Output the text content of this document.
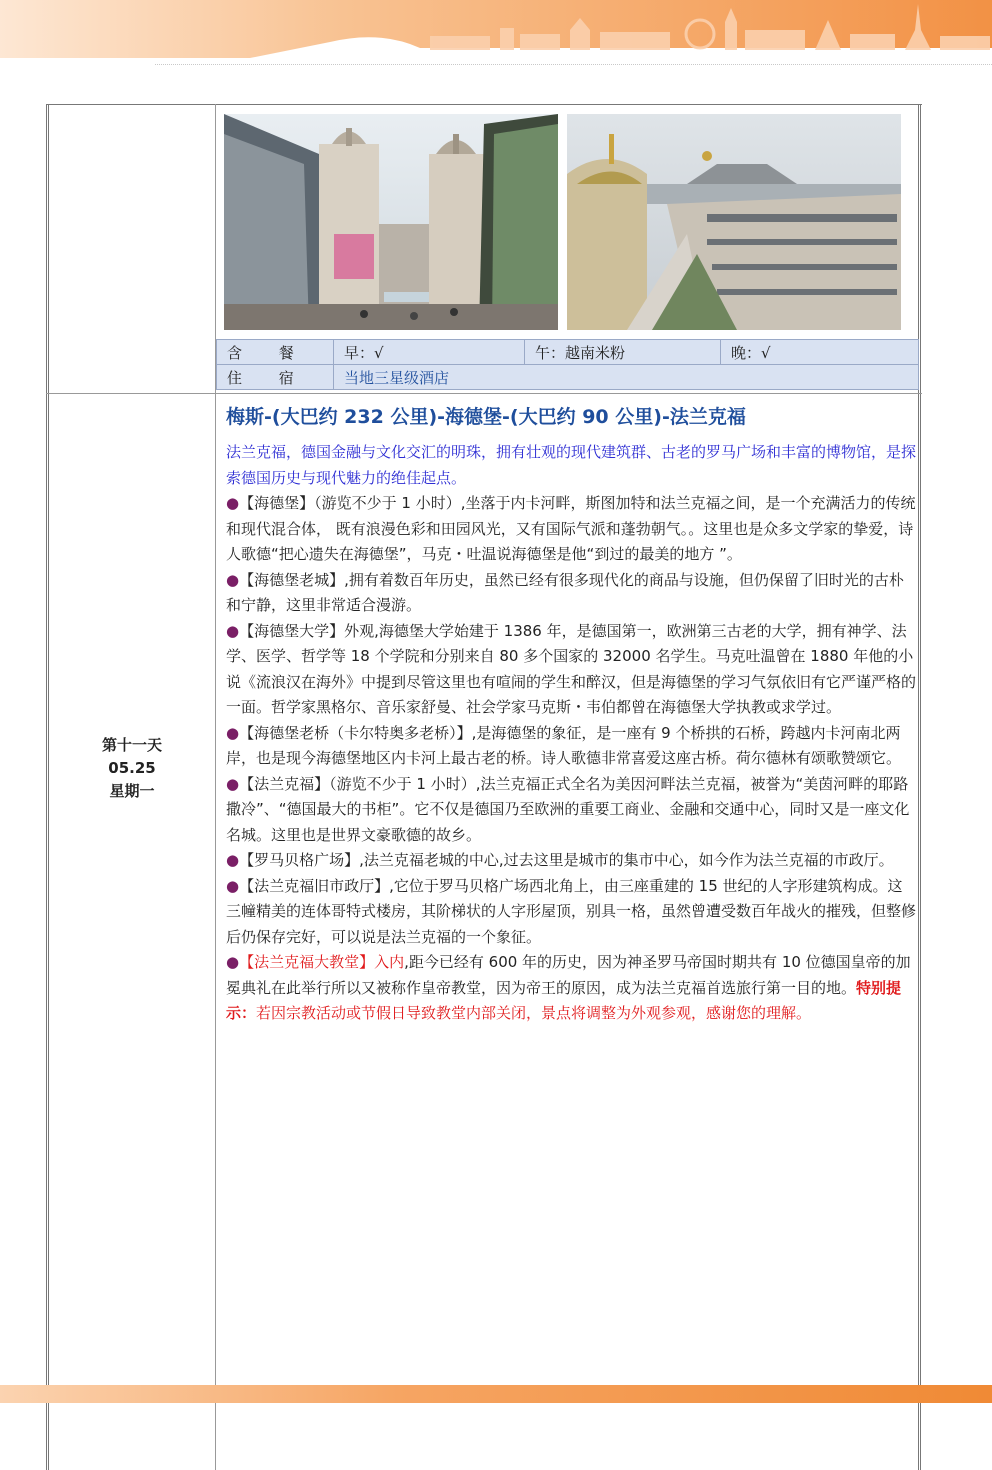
含 餐	早：√	午：越南米粉	晚：√
住 宿	当地三星级酒店		
第十一天
05.25
星期一
梅斯-(大巴约 232 公里)-海德堡-(大巴约 90 公里)-法兰克福

法兰克福，德国金融与文化交汇的明珠，拥有壮观的现代建筑群、古老的罗马广场和丰富的博物馆，是探索德国历史与现代魅力的绝佳起点。

●【海德堡】（游览不少于 1 小时）,坐落于内卡河畔，斯图加特和法兰克福之间，是一个充满活力的传统和现代混合体， 既有浪漫色彩和田园风光，又有国际气派和蓬勃朝气。。这里也是众多文学家的挚爱，诗人歌德“把心遗失在海德堡”，马克・吐温说海德堡是他“到过的最美的地方 ”。

●【海德堡老城】,拥有着数百年历史，虽然已经有很多现代化的商品与设施，但仍保留了旧时光的古朴和宁静，这里非常适合漫游。

●【海德堡大学】外观,海德堡大学始建于 1386 年，是德国第一，欧洲第三古老的大学，拥有神学、法学、医学、哲学等 18 个学院和分别来自 80 多个国家的 32000 名学生。马克吐温曾在 1880 年他的小说《流浪汉在海外》中提到尽管这里也有喧闹的学生和醉汉，但是海德堡的学习气氛依旧有它严谨严格的一面。哲学家黑格尔、音乐家舒曼、社会学家马克斯・韦伯都曾在海德堡大学执教或求学过。

●【海德堡老桥（卡尔特奥多老桥）】,是海德堡的象征，是一座有 9 个桥拱的石桥，跨越内卡河南北两岸，也是现今海德堡地区内卡河上最古老的桥。诗人歌德非常喜爱这座古桥。荷尔德林有颂歌赞颂它。

●【法兰克福】（游览不少于 1 小时）,法兰克福正式全名为美因河畔法兰克福，被誉为“美茵河畔的耶路撒冷”、“德国最大的书柜”。它不仅是德国乃至欧洲的重要工商业、金融和交通中心，同时又是一座文化名城。这里也是世界文豪歌德的故乡。

●【罗马贝格广场】,法兰克福老城的中心,过去这里是城市的集市中心，如今作为法兰克福的市政厅。

●【法兰克福旧市政厅】,它位于罗马贝格广场西北角上，由三座重建的 15 世纪的人字形建筑构成。这三幢精美的连体哥特式楼房，其阶梯状的人字形屋顶，别具一格，虽然曾遭受数百年战火的摧残，但整修后仍保存完好，可以说是法兰克福的一个象征。

●【法兰克福大教堂】入内,距今已经有 600 年的历史，因为神圣罗马帝国时期共有 10 位德国皇帝的加冕典礼在此举行所以又被称作皇帝教堂，因为帝王的原因，成为法兰克福首选旅行第一目的地。特别提示：若因宗教活动或节假日导致教堂内部关闭，景点将调整为外观参观，感谢您的理解。
